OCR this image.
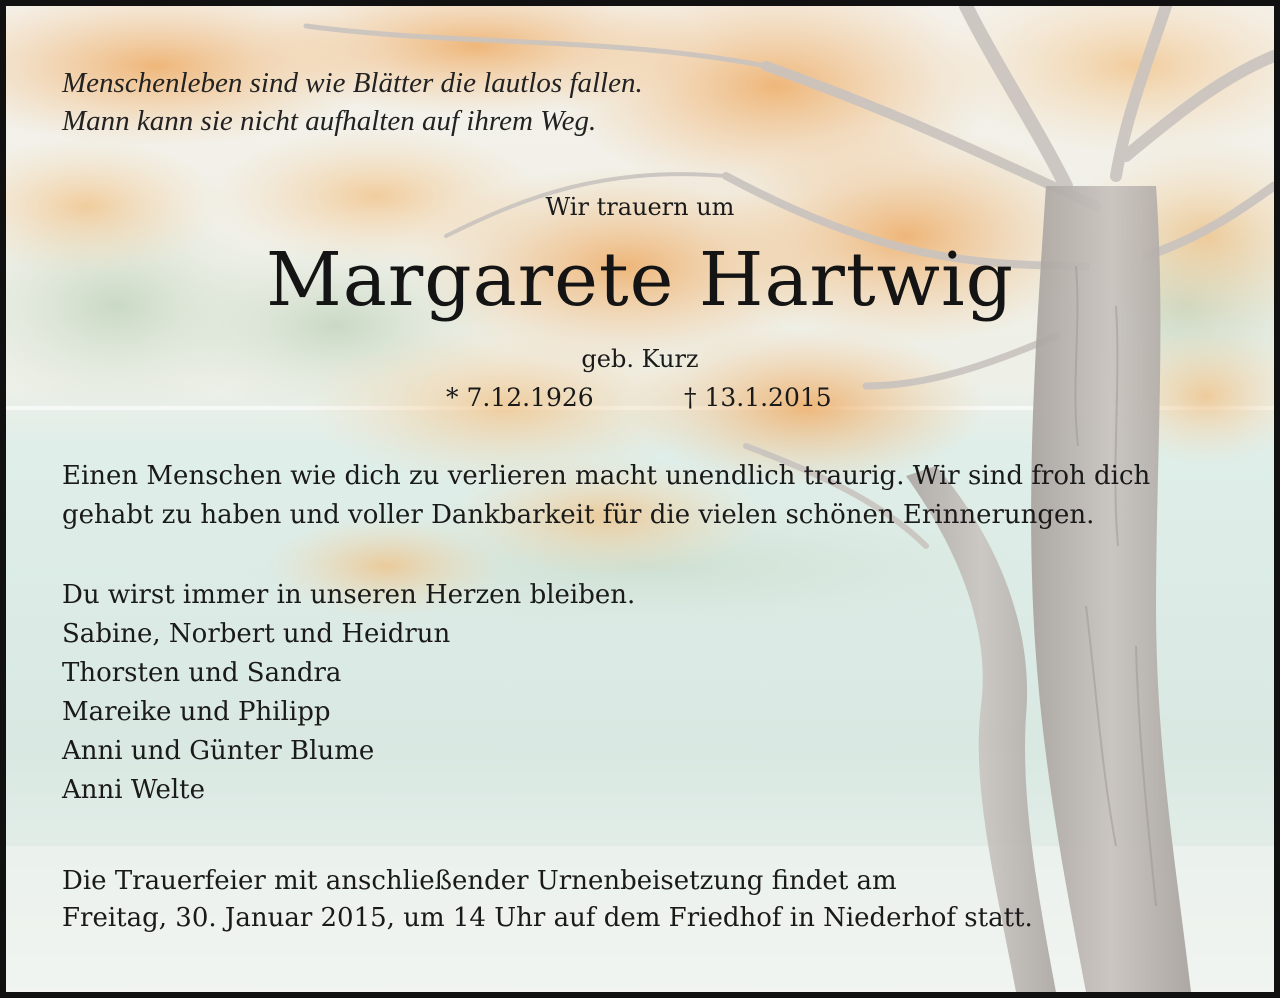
Menschenleben sind wie Blätter die lautlos fallen.
Mann kann sie nicht aufhalten auf ihrem Weg.
Wir trauern um
Margarete Hartwig
geb. Kurz
* 7.12.1926	† 13.1.2015
Einen Menschen wie dich zu verlieren macht unendlich traurig. Wir sind froh dich
gehabt zu haben und voller Dankbarkeit für die vielen schönen Erinnerungen.
Du wirst immer in unseren Herzen bleiben.
Sabine, Norbert und Heidrun
Thorsten und Sandra
Mareike und Philipp
Anni und Günter Blume
Anni Welte
Die Trauerfeier mit anschließender Urnenbeisetzung findet am
Freitag, 30. Januar 2015, um 14 Uhr auf dem Friedhof in Niederhof statt.
